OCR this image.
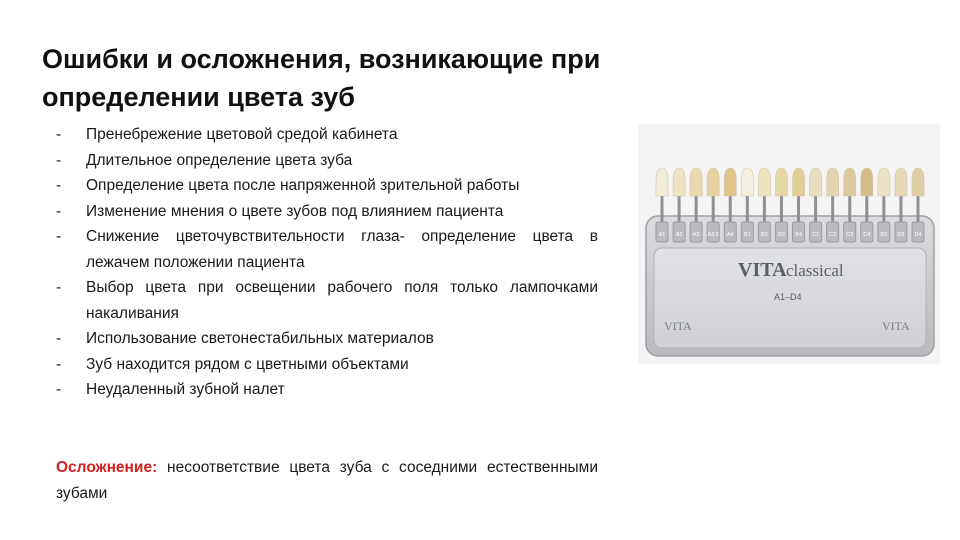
Ошибки и осложнения, возникающие при определении цвета зуб
- Пренебрежение цветовой средой кабинета
- Длительное определение цвета зуба
- Определение цвета после напряженной зрительной работы
- Изменение мнения о цвете зубов под влиянием пациента
- Снижение цветочувствительности глаза- определение цвета в лежачем положении пациента
- Выбор цвета при освещении рабочего поля только лампочками накаливания
- Использование светонестабильных материалов
- Зуб находится рядом с цветными объектами
- Неудаленный зубной налет
Осложнение: несоответствие цвета зуба с соседними естественными зубами
A1 A2 A3 A3.5 A4 B1 B2 B3 B4 C1 C2 C3 C4 D2 D3 D4
VITA classical
A1–D4
VITA	VITA
